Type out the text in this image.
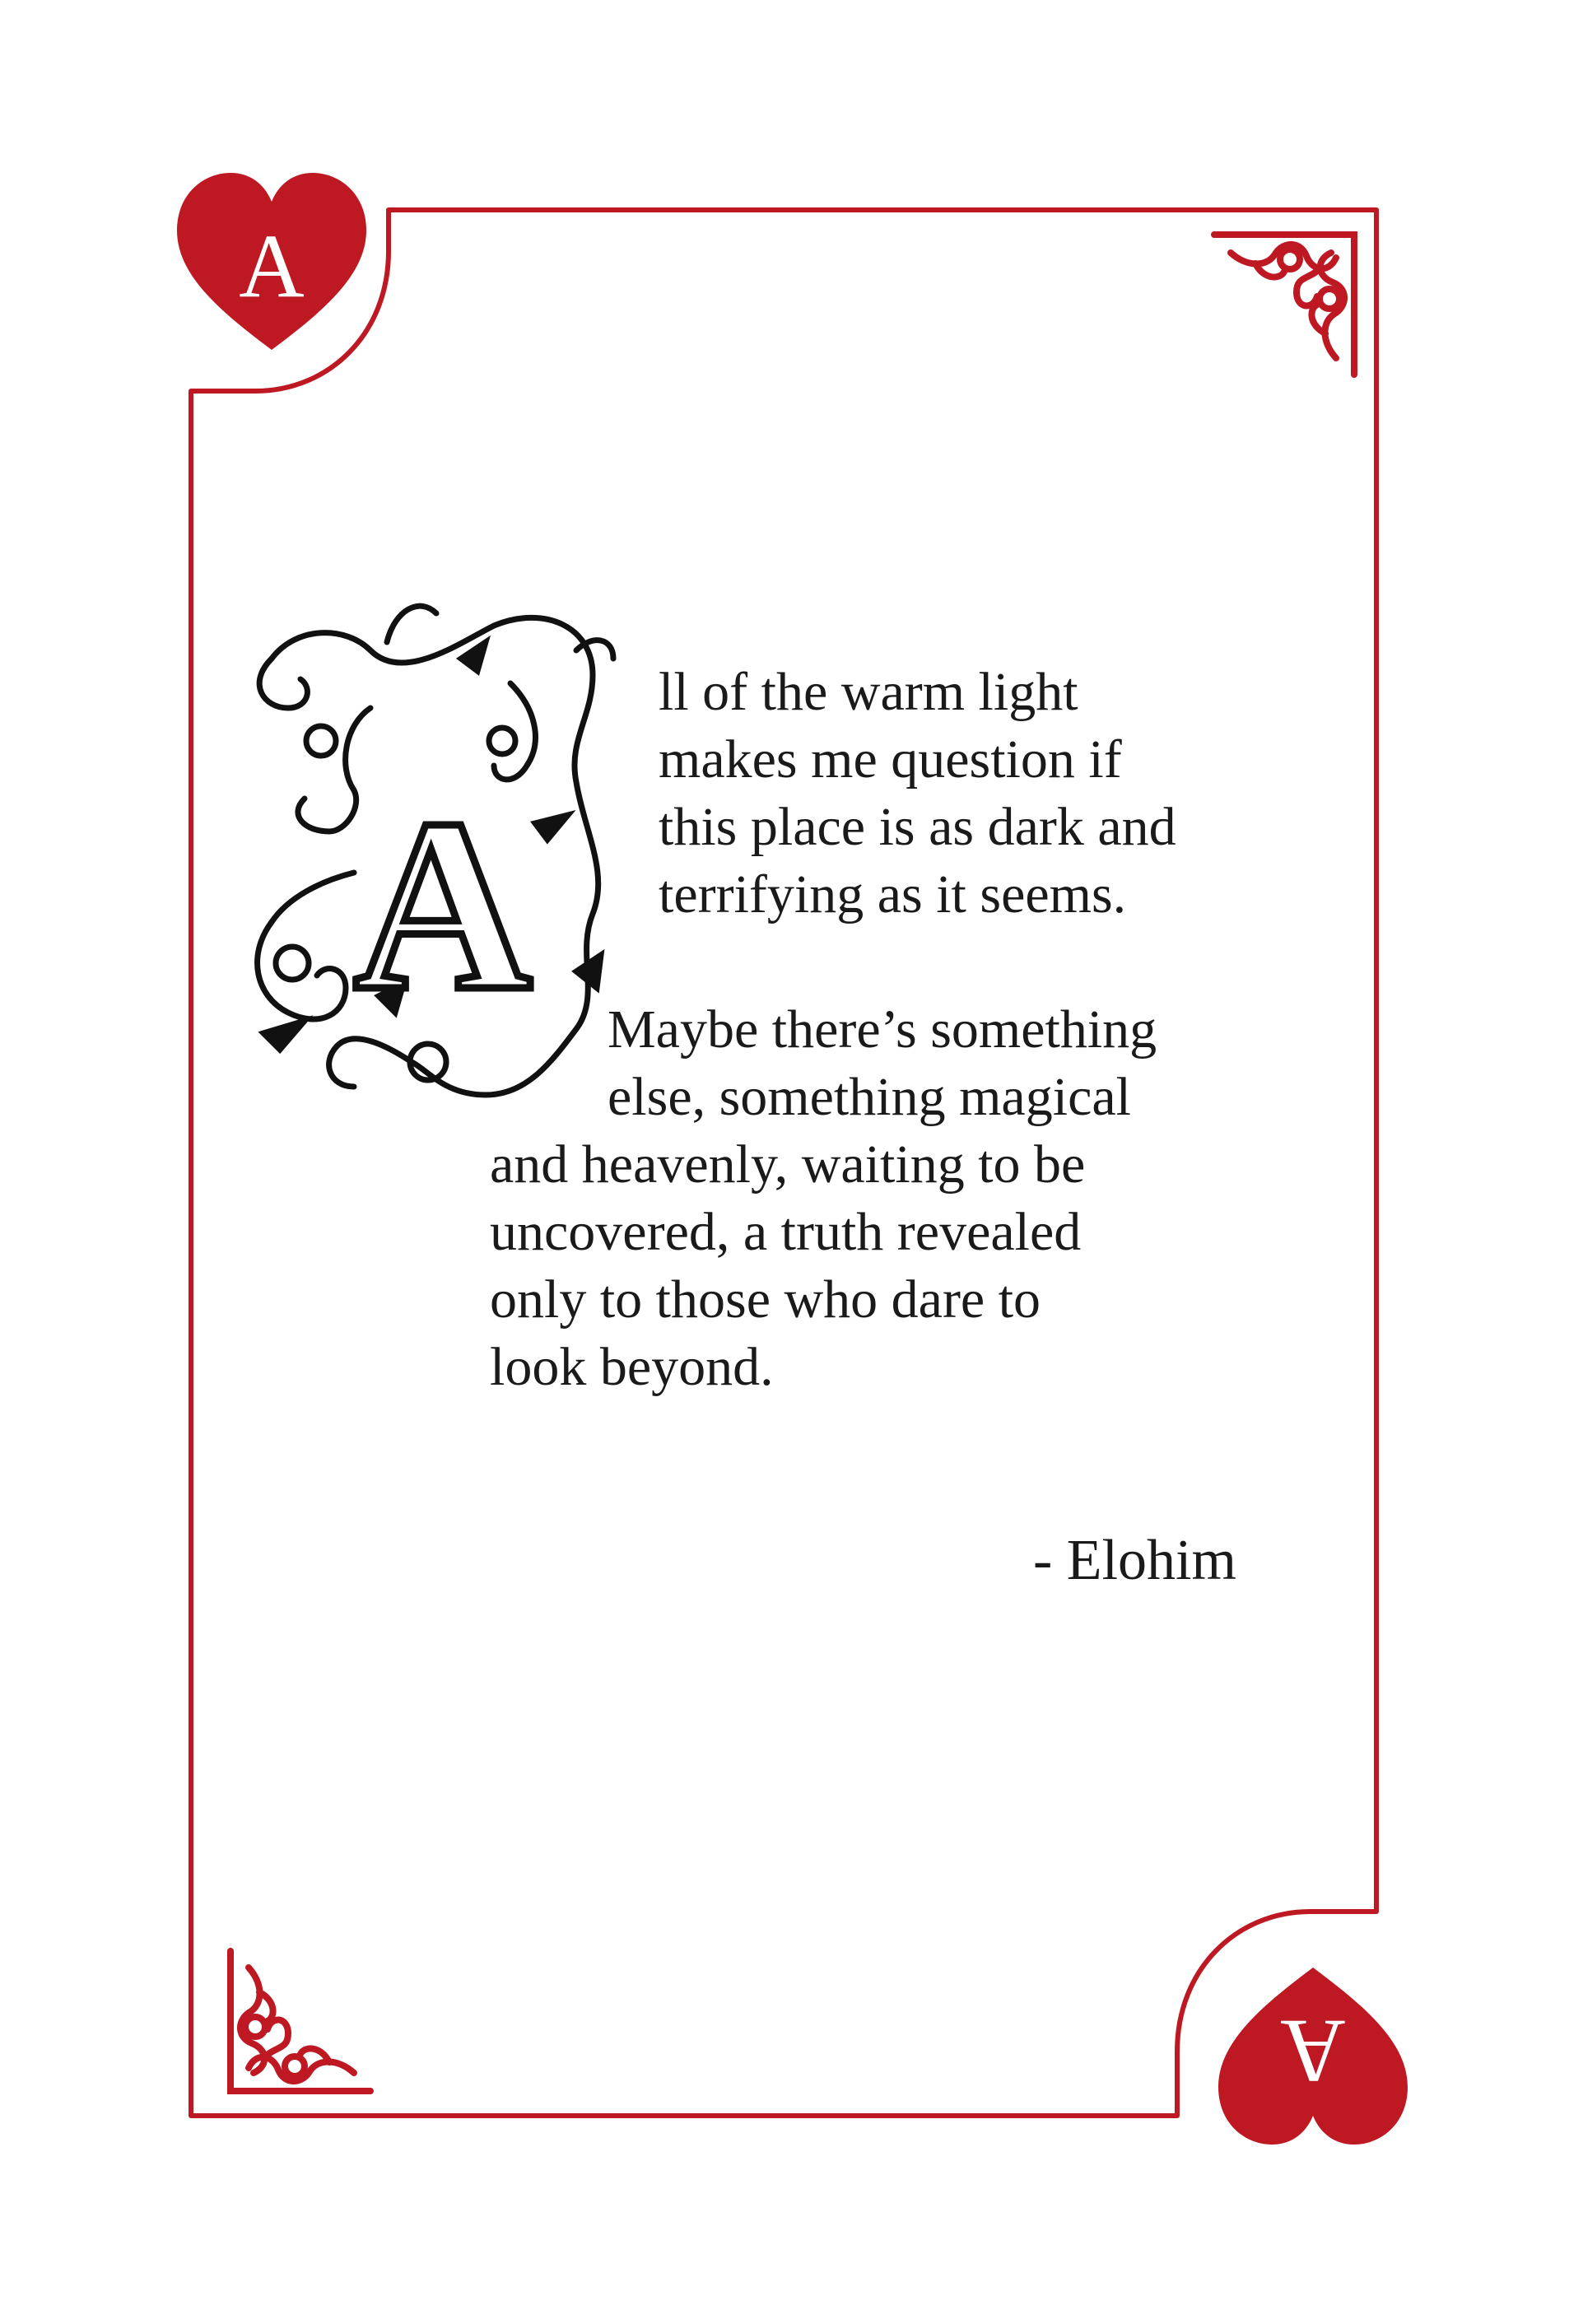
A
A
A
ll of the warm light
makes me question if
this place is as dark and
terrifying as it seems.
Maybe there’s something
else, something magical
and heavenly, waiting to be
uncovered, a truth revealed
only to those who dare to
look beyond.
- Elohim
